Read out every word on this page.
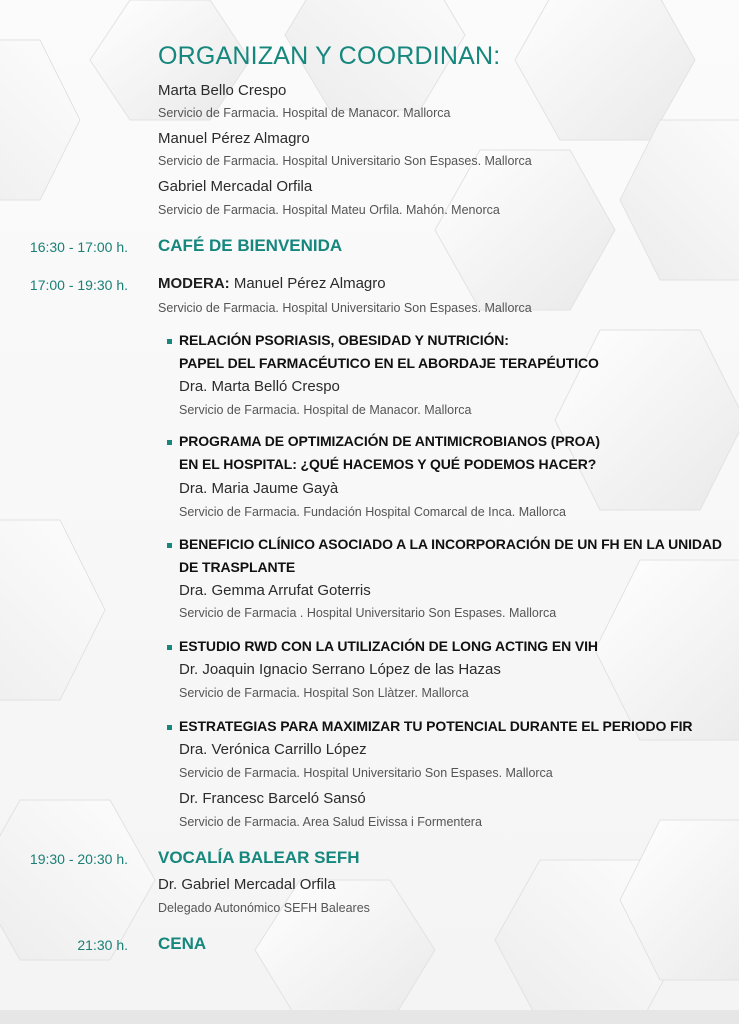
ORGANIZAN Y COORDINAN:
Marta Bello Crespo
Servicio de Farmacia. Hospital de Manacor. Mallorca
Manuel Pérez Almagro
Servicio de Farmacia. Hospital Universitario Son Espases. Mallorca
Gabriel Mercadal Orfila
Servicio de Farmacia. Hospital Mateu Orfila. Mahón. Menorca
16:30 - 17:00 h. CAFÉ DE BIENVENIDA
17:00 - 19:30 h. MODERA: Manuel Pérez Almagro
Servicio de Farmacia. Hospital Universitario Son Espases. Mallorca
RELACIÓN PSORIASIS, OBESIDAD Y NUTRICIÓN:
PAPEL DEL FARMACÉUTICO EN EL ABORDAJE TERAPÉUTICO
Dra. Marta Belló Crespo
Servicio de Farmacia. Hospital de Manacor. Mallorca
PROGRAMA DE OPTIMIZACIÓN DE ANTIMICROBIANOS (PROA)
EN EL HOSPITAL: ¿QUÉ HACEMOS Y QUÉ PODEMOS HACER?
Dra. Maria Jaume Gayà
Servicio de Farmacia. Fundación Hospital Comarcal de Inca. Mallorca
BENEFICIO CLÍNICO ASOCIADO A LA INCORPORACIÓN DE UN FH EN LA UNIDAD
DE TRASPLANTE
Dra. Gemma Arrufat Goterris
Servicio de Farmacia . Hospital Universitario Son Espases. Mallorca
ESTUDIO RWD CON LA UTILIZACIÓN DE LONG ACTING EN VIH
Dr. Joaquin Ignacio Serrano López de las Hazas
Servicio de Farmacia. Hospital Son Llàtzer. Mallorca
ESTRATEGIAS PARA MAXIMIZAR TU POTENCIAL DURANTE EL PERIODO FIR
Dra. Verónica Carrillo López
Servicio de Farmacia. Hospital Universitario Son Espases. Mallorca
Dr. Francesc Barceló Sansó
Servicio de Farmacia. Area Salud Eivissa i Formentera
19:30 - 20:30 h. VOCALÍA BALEAR SEFH
Dr. Gabriel Mercadal Orfila
Delegado Autonómico SEFH Baleares
21:30 h. CENA
